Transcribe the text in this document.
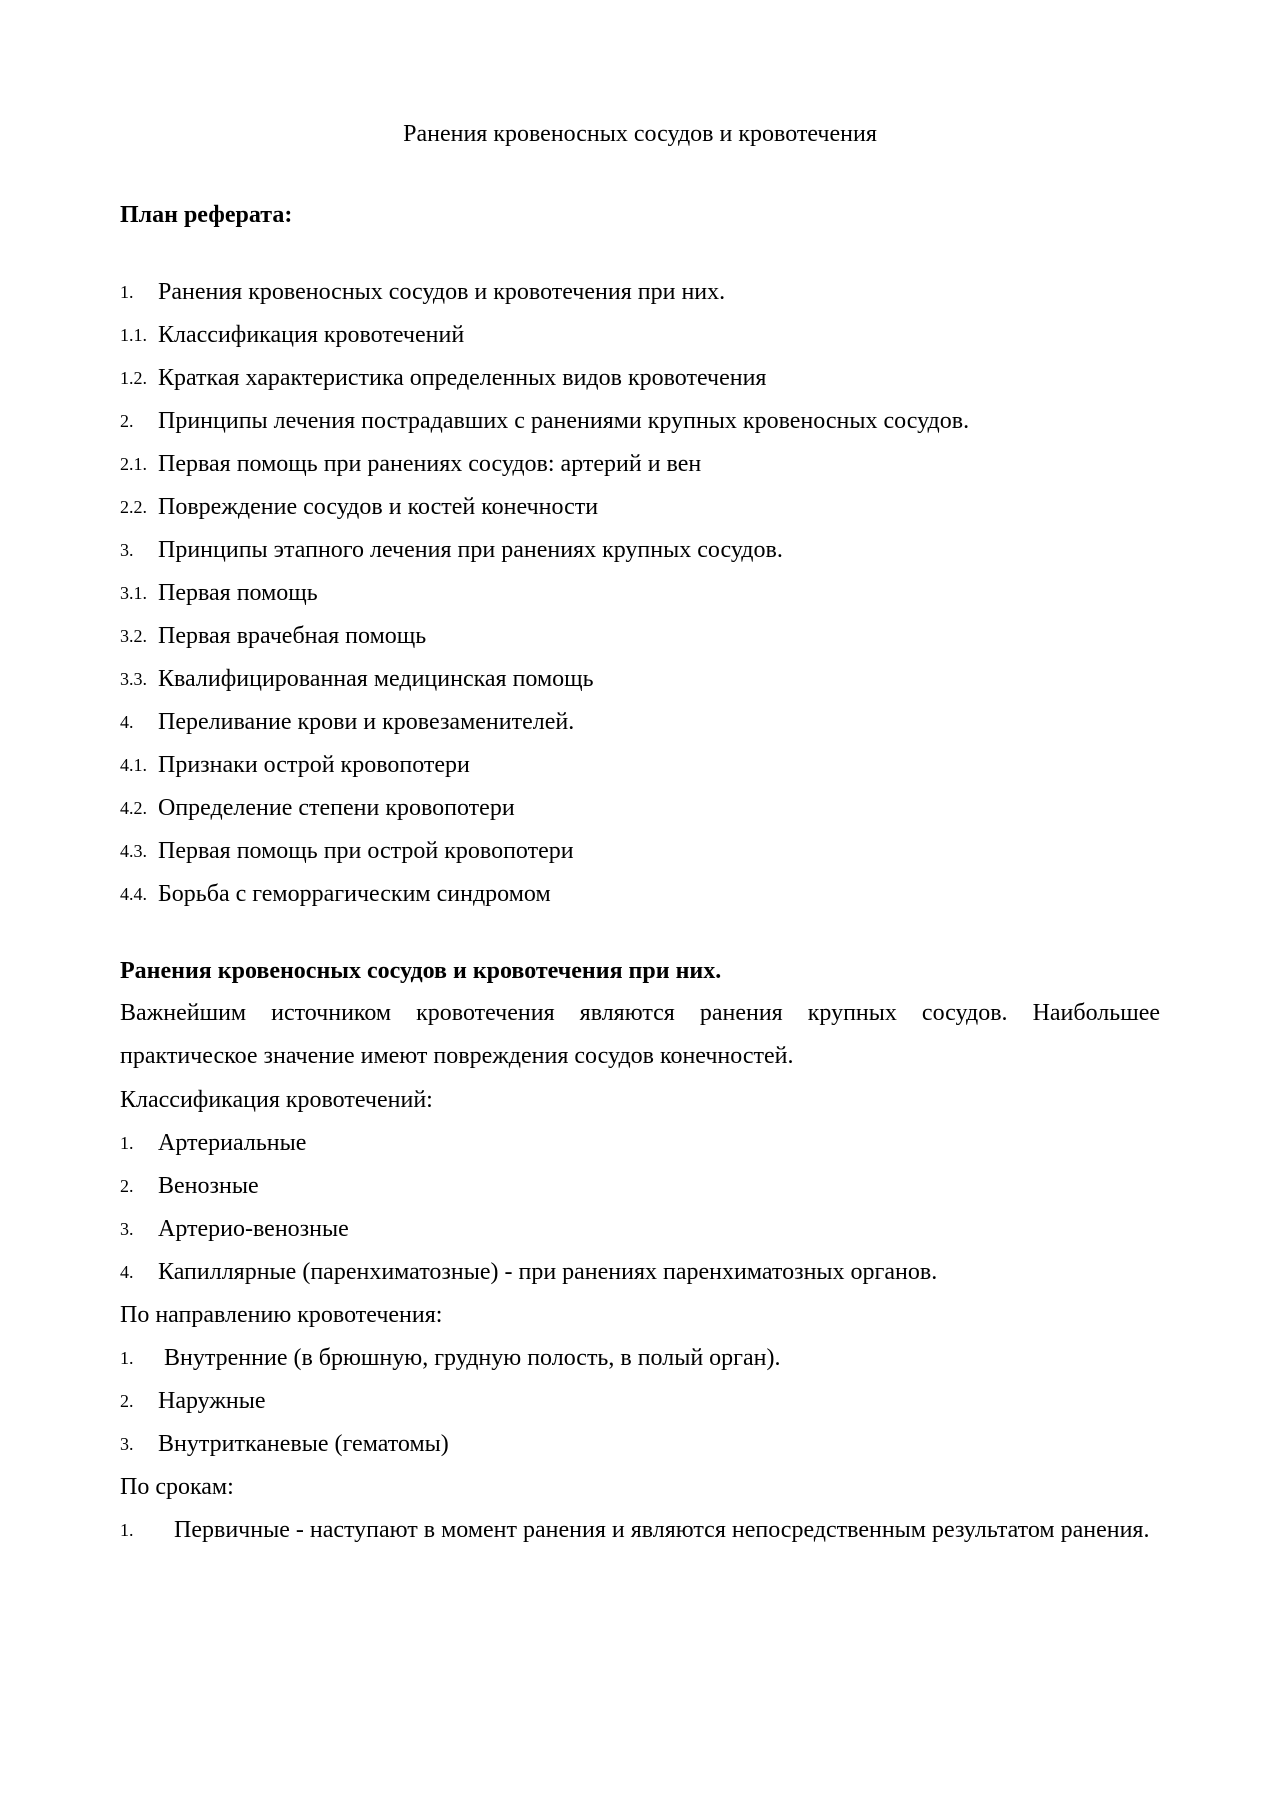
Ранения кровеносных сосудов и кровотечения
План реферата:
1. Ранения кровеносных сосудов и кровотечения при них.
1.1. Классификация кровотечений
1.2. Краткая характеристика определенных видов кровотечения
2. Принципы лечения пострадавших с ранениями крупных кровеносных сосудов.
2.1. Первая помощь при ранениях сосудов: артерий и вен
2.2. Повреждение сосудов и костей конечности
3. Принципы этапного лечения при ранениях крупных сосудов.
3.1. Первая помощь
3.2. Первая врачебная помощь
3.3. Квалифицированная медицинская помощь
4. Переливание крови и кровезаменителей.
4.1. Признаки острой кровопотери
4.2. Определение степени кровопотери
4.3. Первая помощь при острой кровопотери
4.4. Борьба с геморрагическим синдромом
Ранения кровеносных сосудов и кровотечения при них.
Важнейшим источником кровотечения являются ранения крупных сосудов. Наибольшее практическое значение имеют повреждения сосудов конечностей.
Классификация кровотечений:
1. Артериальные
2. Венозные
3. Артерио-венозные
4. Капиллярные (паренхиматозные) - при ранениях паренхиматозных органов.
По направлению кровотечения:
1. Внутренние (в брюшную, грудную полость, в полый орган).
2. Наружные
3. Внутритканевые (гематомы)
По срокам:
1. Первичные - наступают в момент ранения и являются непосредственным результатом ранения.
